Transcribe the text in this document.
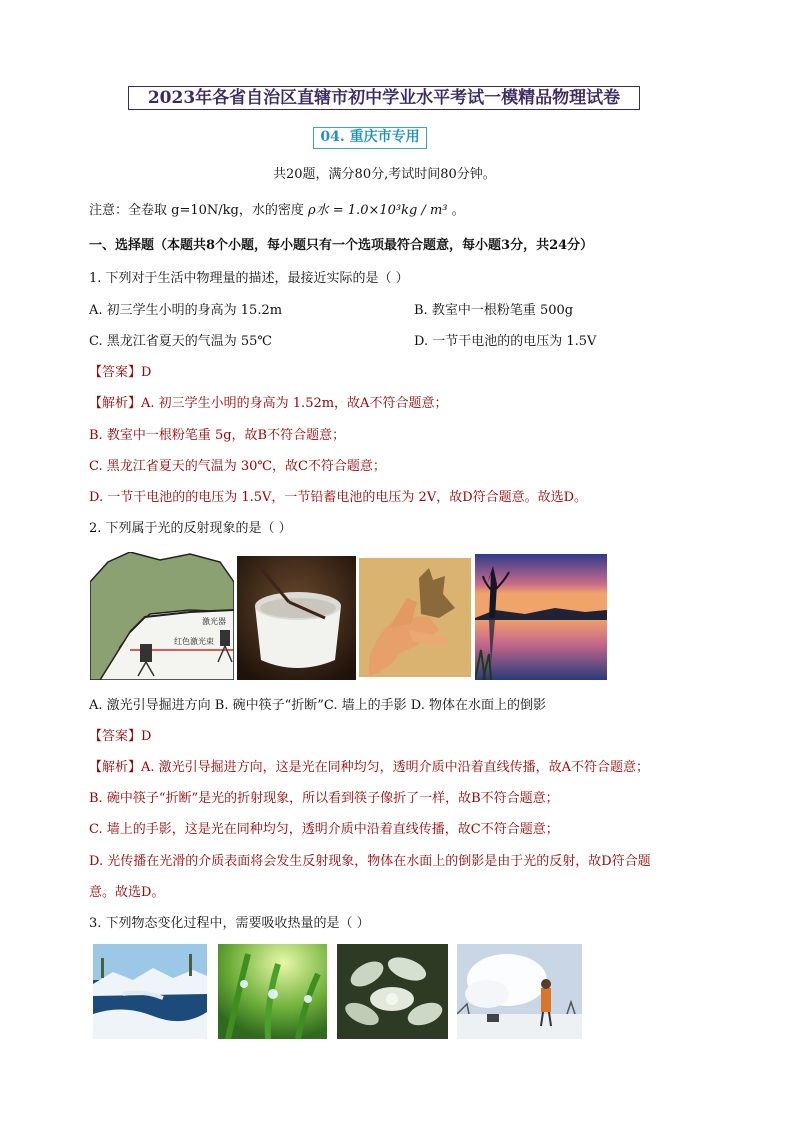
2023年各省自治区直辖市初中学业水平考试一模精品物理试卷
04. 重庆市专用
共20题，满分80分,考试时间80分钟。
注意：全卷取 g=10N/kg，水的密度 ρ水 = 1.0×10³kg / m³ 。
一、选择题（本题共8个小题，每小题只有一个选项最符合题意，每小题3分，共24分）
1. 下列对于生活中物理量的描述，最接近实际的是（ ）
A. 初三学生小明的身高为 15.2m	B. 教室中一根粉笔重 500g
C. 黑龙江省夏天的气温为 55℃	D. 一节干电池的的电压为 1.5V
【答案】D
【解析】A. 初三学生小明的身高为 1.52m，故A不符合题意；
B. 教室中一根粉笔重 5g，故B不符合题意；
C. 黑龙江省夏天的气温为 30℃，故C不符合题意；
D. 一节干电池的的电压为 1.5V，一节铅蓄电池的电压为 2V，故D符合题意。故选D。
2. 下列属于光的反射现象的是（ ）
激光器
红色激光束
A. 激光引导掘进方向 B. 碗中筷子“折断”C. 墙上的手影 D. 物体在水面上的倒影
【答案】D
【解析】A. 激光引导掘进方向，这是光在同种均匀，透明介质中沿着直线传播，故A不符合题意；
B. 碗中筷子“折断”是光的折射现象，所以看到筷子像折了一样，故B不符合题意；
C. 墙上的手影，这是光在同种均匀，透明介质中沿着直线传播，故C不符合题意；
D. 光传播在光滑的介质表面将会发生反射现象，物体在水面上的倒影是由于光的反射，故D符合题
意。故选D。
3. 下列物态变化过程中，需要吸收热量的是（ ）
